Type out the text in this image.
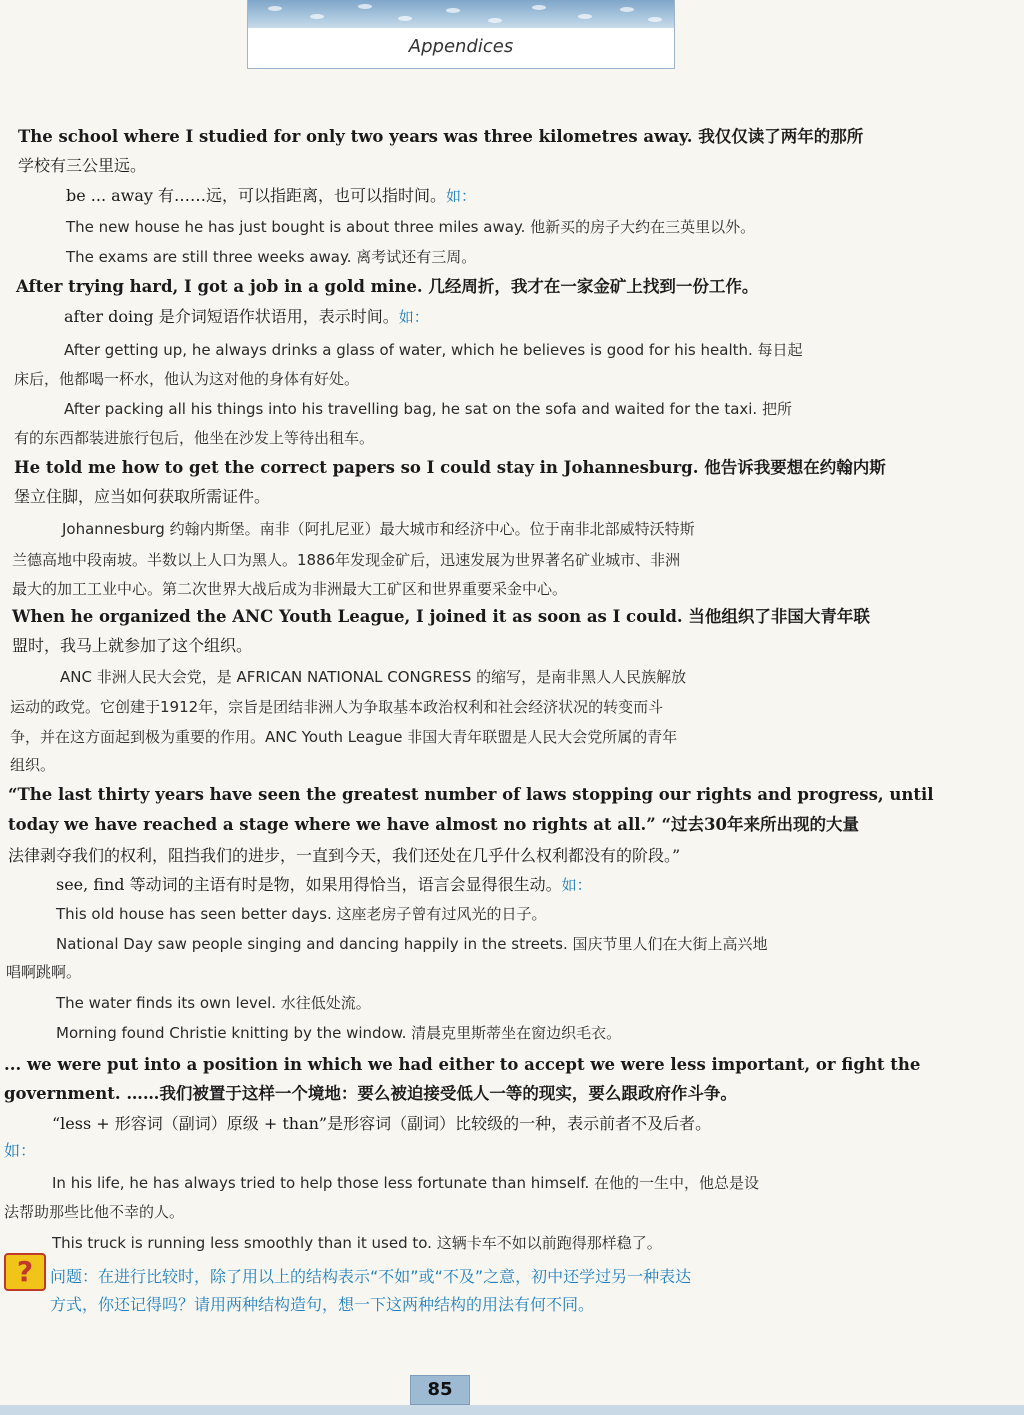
Appendices
The school where I studied for only two years was three kilometres away. 我仅仅读了两年的那所
学校有三公里远。
be ... away 有……远，可以指距离，也可以指时间。如：
The new house he has just bought is about three miles away. 他新买的房子大约在三英里以外。
The exams are still three weeks away. 离考试还有三周。
After trying hard, I got a job in a gold mine. 几经周折，我才在一家金矿上找到一份工作。
after doing 是介词短语作状语用，表示时间。如：
After getting up, he always drinks a glass of water, which he believes is good for his health. 每日起
床后，他都喝一杯水，他认为这对他的身体有好处。
After packing all his things into his travelling bag, he sat on the sofa and waited for the taxi. 把所
有的东西都装进旅行包后，他坐在沙发上等待出租车。
He told me how to get the correct papers so I could stay in Johannesburg. 他告诉我要想在约翰内斯
堡立住脚，应当如何获取所需证件。
Johannesburg 约翰内斯堡。南非（阿扎尼亚）最大城市和经济中心。位于南非北部威特沃特斯
兰德高地中段南坡。半数以上人口为黑人。1886年发现金矿后，迅速发展为世界著名矿业城市、非洲
最大的加工工业中心。第二次世界大战后成为非洲最大工矿区和世界重要采金中心。
When he organized the ANC Youth League, I joined it as soon as I could. 当他组织了非国大青年联
盟时，我马上就参加了这个组织。
ANC 非洲人民大会党，是 AFRICAN NATIONAL CONGRESS 的缩写，是南非黑人人民族解放
运动的政党。它创建于1912年，宗旨是团结非洲人为争取基本政治权利和社会经济状况的转变而斗
争，并在这方面起到极为重要的作用。ANC Youth League 非国大青年联盟是人民大会党所属的青年
组织。
“The last thirty years have seen the greatest number of laws stopping our rights and progress, until
today we have reached a stage where we have almost no rights at all.” “过去30年来所出现的大量
法律剥夺我们的权利，阻挡我们的进步，一直到今天，我们还处在几乎什么权利都没有的阶段。”
see, find 等动词的主语有时是物，如果用得恰当，语言会显得很生动。如：
This old house has seen better days. 这座老房子曾有过风光的日子。
National Day saw people singing and dancing happily in the streets. 国庆节里人们在大街上高兴地
唱啊跳啊。
The water finds its own level. 水往低处流。
Morning found Christie knitting by the window. 清晨克里斯蒂坐在窗边织毛衣。
... we were put into a position in which we had either to accept we were less important, or fight the
government. ……我们被置于这样一个境地：要么被迫接受低人一等的现实，要么跟政府作斗争。
“less + 形容词（副词）原级 + than”是形容词（副词）比较级的一种，表示前者不及后者。
如：
In his life, he has always tried to help those less fortunate than himself. 在他的一生中，他总是设
法帮助那些比他不幸的人。
This truck is running less smoothly than it used to. 这辆卡车不如以前跑得那样稳了。
?	问题：在进行比较时，除了用以上的结构表示“不如”或“不及”之意，初中还学过另一种表达
方式，你还记得吗？请用两种结构造句，想一下这两种结构的用法有何不同。
85
